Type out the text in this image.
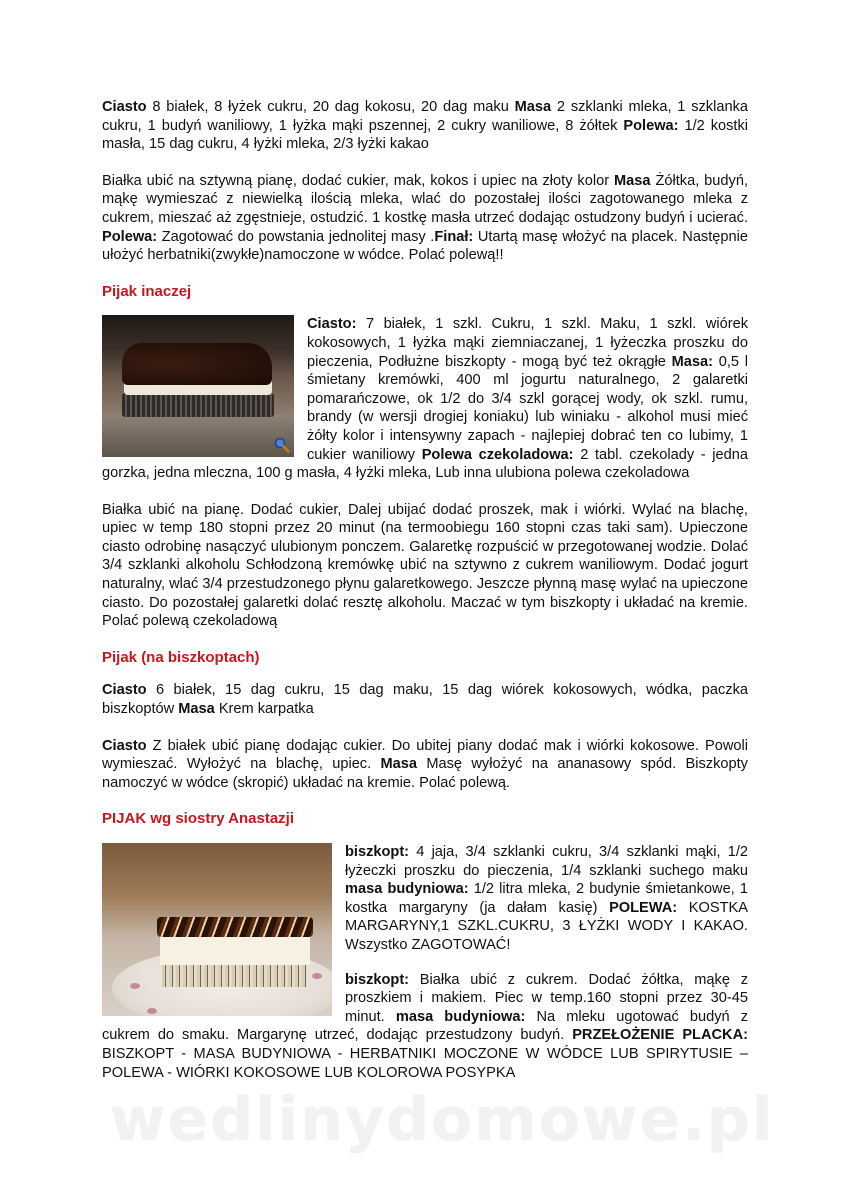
Ciasto 8 białek, 8 łyżek cukru, 20 dag kokosu, 20 dag maku Masa 2 szklanki mleka, 1 szklanka cukru, 1 budyń waniliowy, 1 łyżka mąki pszennej, 2 cukry waniliowe, 8 żółtek Polewa: 1/2 kostki masła, 15 dag cukru, 4 łyżki mleka, 2/3 łyżki kakao

Białka ubić na sztywną pianę, dodać cukier, mak, kokos i upiec na złoty kolor Masa Żółtka, budyń, mąkę wymieszać z niewielką ilością mleka, wlać do pozostałej ilości zagotowanego mleka z cukrem, mieszać aż zgęstnieje, ostudzić. 1 kostkę masła utrzeć dodając ostudzony budyń i ucierać. Polewa: Zagotować do powstania jednolitej masy .Finał: Utartą masę włożyć na placek. Następnie ułożyć herbatniki(zwykłe)namoczone w wódce. Polać polewą!!

Pijak inaczej

Ciasto: 7 białek, 1 szkl. Cukru, 1 szkl. Maku, 1 szkl. wiórek kokosowych, 1 łyżka mąki ziemniaczanej, 1 łyżeczka proszku do pieczenia, Podłużne biszkopty - mogą być też okrągłe Masa: 0,5 l śmietany kremówki, 400 ml jogurtu naturalnego, 2 galaretki pomarańczowe, ok 1/2 do 3/4 szkl gorącej wody, ok szkl. rumu, brandy (w wersji drogiej koniaku) lub winiaku - alkohol musi mieć żółty kolor i intensywny zapach - najlepiej dobrać ten co lubimy, 1 cukier waniliowy Polewa czekoladowa: 2 tabl. czekolady - jedna gorzka, jedna mleczna, 100 g masła, 4 łyżki mleka, Lub inna ulubiona polewa czekoladowa

Białka ubić na pianę. Dodać cukier, Dalej ubijać dodać proszek, mak i wiórki. Wylać na blachę, upiec w temp 180 stopni przez 20 minut (na termoobiegu 160 stopni czas taki sam). Upieczone ciasto odrobinę nasączyć ulubionym ponczem. Galaretkę rozpuścić w przegotowanej wodzie. Dolać 3/4 szklanki alkoholu Schłodzoną kremówkę ubić na sztywno z cukrem waniliowym. Dodać jogurt naturalny, wlać 3/4 przestudzonego płynu galaretkowego. Jeszcze płynną masę wylać na upieczone ciasto. Do pozostałej galaretki dolać resztę alkoholu. Maczać w tym biszkopty i układać na kremie. Polać polewą czekoladową

Pijak (na biszkoptach)

Ciasto 6 białek, 15 dag cukru, 15 dag maku, 15 dag wiórek kokosowych, wódka, paczka biszkoptów Masa Krem karpatka

Ciasto Z białek ubić pianę dodając cukier. Do ubitej piany dodać mak i wiórki kokosowe. Powoli wymieszać. Wyłożyć na blachę, upiec. Masa Masę wyłożyć na ananasowy spód. Biszkopty namoczyć w wódce (skropić) układać na kremie. Polać polewą.

PIJAK wg siostry Anastazji

biszkopt: 4 jaja, 3/4 szklanki cukru, 3/4 szklanki mąki, 1/2 łyżeczki proszku do pieczenia, 1/4 szklanki suchego maku masa budyniowa: 1/2 litra mleka, 2 budynie śmietankowe, 1 kostka margaryny (ja dałam kasię) POLEWA: KOSTKA MARGARYNY,1 SZKL.CUKRU, 3 ŁYŻKI WODY I KAKAO. Wszystko ZAGOTOWAĆ!

biszkopt: Białka ubić z cukrem. Dodać żółtka, mąkę z proszkiem i makiem. Piec w temp.160 stopni przez 30-45 minut. masa budyniowa: Na mleku ugotować budyń z cukrem do smaku. Margarynę utrzeć, dodając przestudzony budyń. PRZEŁOŻENIE PLACKA: BISZKOPT - MASA BUDYNIOWA - HERBATNIKI MOCZONE W WÓDCE LUB SPIRYTUSIE – POLEWA - WIÓRKI KOKOSOWE LUB KOLOROWA POSYPKA

wedlinydomowe.pl
